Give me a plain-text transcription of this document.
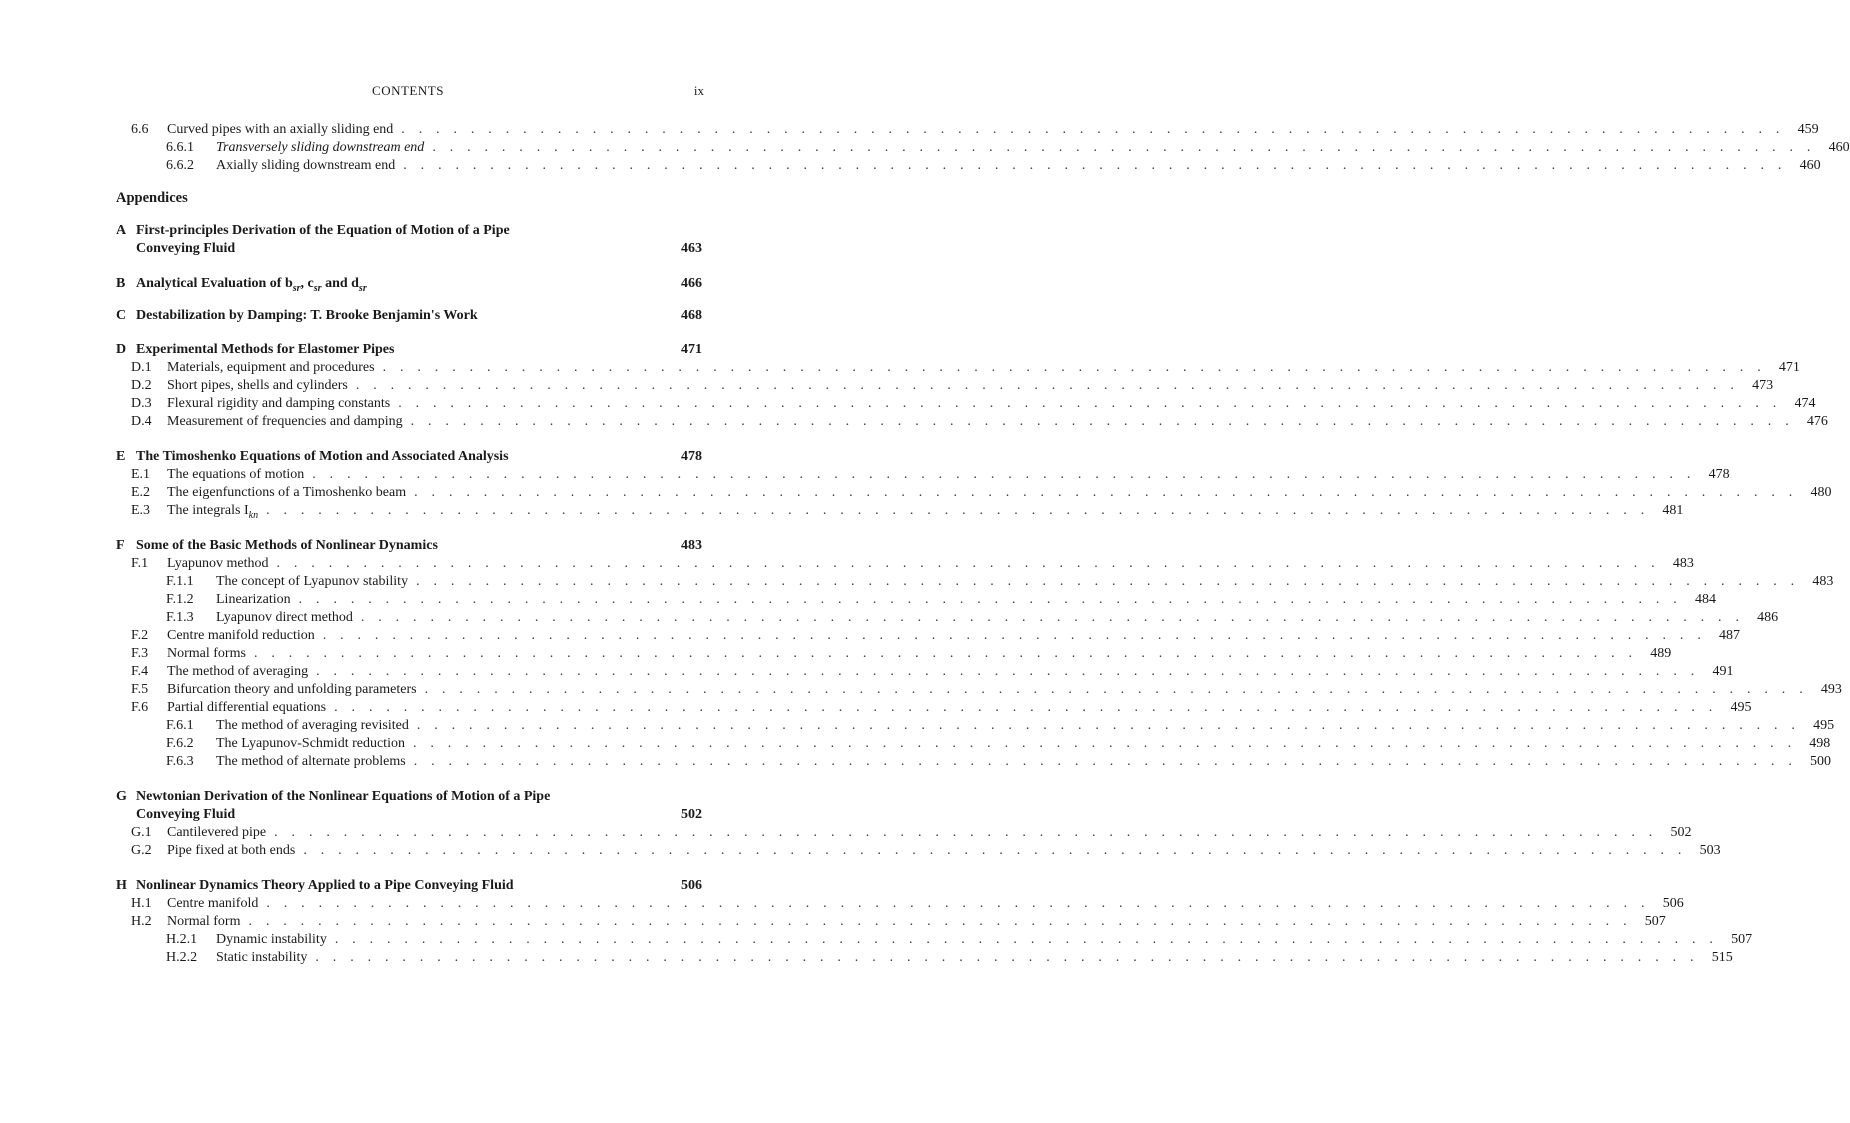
CONTENTS	ix
Appendices
6.6	Curved pipes with an axially sliding end . . . . . . . . . . . . . . . . . . . . . . . . . . . . . . . . . . . . . . . . . . . . . . . . . . . . . . . . . . . . . . . . . . . . . . . . . . . . . . . . 459
6.6.1	Transversely sliding downstream end . . . . . . . . . . . . . . . . . . . . . . . . . . . . . . . . . . . . . . . . . . . . . . . . . . . . . . . . . . . . . . . . . . . . . . . . . . . . . . . . 460
6.6.2	Axially sliding downstream end . . . . . . . . . . . . . . . . . . . . . . . . . . . . . . . . . . . . . . . . . . . . . . . . . . . . . . . . . . . . . . . . . . . . . . . . . . . . . . . . 460
A First-principles Derivation of the Equation of Motion of a Pipe
Conveying Fluid	463
B Analytical Evaluation of $b_{sr}$, $c_{sr}$ and $d_{sr}$	466
C Destabilization by Damping: T. Brooke Benjamin's Work	468
D Experimental Methods for Elastomer Pipes	471
D.1	Materials, equipment and procedures . . . . . . . . . . . . . . . . . . . . . . . . . . . . . . . . . . . . . . . . . . . . . . . . . . . . . . . . . . . . . . . . . . . . . . . . . . . . . . . . 471
D.2	Short pipes, shells and cylinders . . . . . . . . . . . . . . . . . . . . . . . . . . . . . . . . . . . . . . . . . . . . . . . . . . . . . . . . . . . . . . . . . . . . . . . . . . . . . . . . 473
D.3	Flexural rigidity and damping constants . . . . . . . . . . . . . . . . . . . . . . . . . . . . . . . . . . . . . . . . . . . . . . . . . . . . . . . . . . . . . . . . . . . . . . . . . . . . . . . . 474
D.4	Measurement of frequencies and damping . . . . . . . . . . . . . . . . . . . . . . . . . . . . . . . . . . . . . . . . . . . . . . . . . . . . . . . . . . . . . . . . . . . . . . . . . . . . . . . . 476
E The Timoshenko Equations of Motion and Associated Analysis	478
E.1	The equations of motion . . . . . . . . . . . . . . . . . . . . . . . . . . . . . . . . . . . . . . . . . . . . . . . . . . . . . . . . . . . . . . . . . . . . . . . . . . . . . . . . 478
E.2	The eigenfunctions of a Timoshenko beam . . . . . . . . . . . . . . . . . . . . . . . . . . . . . . . . . . . . . . . . . . . . . . . . . . . . . . . . . . . . . . . . . . . . . . . . . . . . . . . . 480
E.3	The integrals $I_{kn}$ . . . . . . . . . . . . . . . . . . . . . . . . . . . . . . . . . . . . . . . . . . . . . . . . . . . . . . . . . . . . . . . . . . . . . . . . . . . . . . . . 481
F Some of the Basic Methods of Nonlinear Dynamics	483
F.1	Lyapunov method . . . . . . . . . . . . . . . . . . . . . . . . . . . . . . . . . . . . . . . . . . . . . . . . . . . . . . . . . . . . . . . . . . . . . . . . . . . . . . . . 483
F.1.1	The concept of Lyapunov stability . . . . . . . . . . . . . . . . . . . . . . . . . . . . . . . . . . . . . . . . . . . . . . . . . . . . . . . . . . . . . . . . . . . . . . . . . . . . . . . . 483
F.1.2	Linearization . . . . . . . . . . . . . . . . . . . . . . . . . . . . . . . . . . . . . . . . . . . . . . . . . . . . . . . . . . . . . . . . . . . . . . . . . . . . . . . . 484
F.1.3	Lyapunov direct method . . . . . . . . . . . . . . . . . . . . . . . . . . . . . . . . . . . . . . . . . . . . . . . . . . . . . . . . . . . . . . . . . . . . . . . . . . . . . . . . 486
F.2	Centre manifold reduction . . . . . . . . . . . . . . . . . . . . . . . . . . . . . . . . . . . . . . . . . . . . . . . . . . . . . . . . . . . . . . . . . . . . . . . . . . . . . . . . 487
F.3	Normal forms . . . . . . . . . . . . . . . . . . . . . . . . . . . . . . . . . . . . . . . . . . . . . . . . . . . . . . . . . . . . . . . . . . . . . . . . . . . . . . . . 489
F.4	The method of averaging . . . . . . . . . . . . . . . . . . . . . . . . . . . . . . . . . . . . . . . . . . . . . . . . . . . . . . . . . . . . . . . . . . . . . . . . . . . . . . . . 491
F.5	Bifurcation theory and unfolding parameters . . . . . . . . . . . . . . . . . . . . . . . . . . . . . . . . . . . . . . . . . . . . . . . . . . . . . . . . . . . . . . . . . . . . . . . . . . . . . . . . 493
F.6	Partial differential equations . . . . . . . . . . . . . . . . . . . . . . . . . . . . . . . . . . . . . . . . . . . . . . . . . . . . . . . . . . . . . . . . . . . . . . . . . . . . . . . . 495
F.6.1	The method of averaging revisited . . . . . . . . . . . . . . . . . . . . . . . . . . . . . . . . . . . . . . . . . . . . . . . . . . . . . . . . . . . . . . . . . . . . . . . . . . . . . . . . 495
F.6.2	The Lyapunov-Schmidt reduction . . . . . . . . . . . . . . . . . . . . . . . . . . . . . . . . . . . . . . . . . . . . . . . . . . . . . . . . . . . . . . . . . . . . . . . . . . . . . . . . 498
F.6.3	The method of alternate problems . . . . . . . . . . . . . . . . . . . . . . . . . . . . . . . . . . . . . . . . . . . . . . . . . . . . . . . . . . . . . . . . . . . . . . . . . . . . . . . . 500
G Newtonian Derivation of the Nonlinear Equations of Motion of a Pipe
Conveying Fluid	502
G.1	Cantilevered pipe . . . . . . . . . . . . . . . . . . . . . . . . . . . . . . . . . . . . . . . . . . . . . . . . . . . . . . . . . . . . . . . . . . . . . . . . . . . . . . . . 502
G.2	Pipe fixed at both ends . . . . . . . . . . . . . . . . . . . . . . . . . . . . . . . . . . . . . . . . . . . . . . . . . . . . . . . . . . . . . . . . . . . . . . . . . . . . . . . . 503
H Nonlinear Dynamics Theory Applied to a Pipe Conveying Fluid	506
H.1	Centre manifold . . . . . . . . . . . . . . . . . . . . . . . . . . . . . . . . . . . . . . . . . . . . . . . . . . . . . . . . . . . . . . . . . . . . . . . . . . . . . . . . 506
H.2	Normal form . . . . . . . . . . . . . . . . . . . . . . . . . . . . . . . . . . . . . . . . . . . . . . . . . . . . . . . . . . . . . . . . . . . . . . . . . . . . . . . . 507
H.2.1	Dynamic instability . . . . . . . . . . . . . . . . . . . . . . . . . . . . . . . . . . . . . . . . . . . . . . . . . . . . . . . . . . . . . . . . . . . . . . . . . . . . . . . . 507
H.2.2	Static instability . . . . . . . . . . . . . . . . . . . . . . . . . . . . . . . . . . . . . . . . . . . . . . . . . . . . . . . . . . . . . . . . . . . . . . . . . . . . . . . . 515
